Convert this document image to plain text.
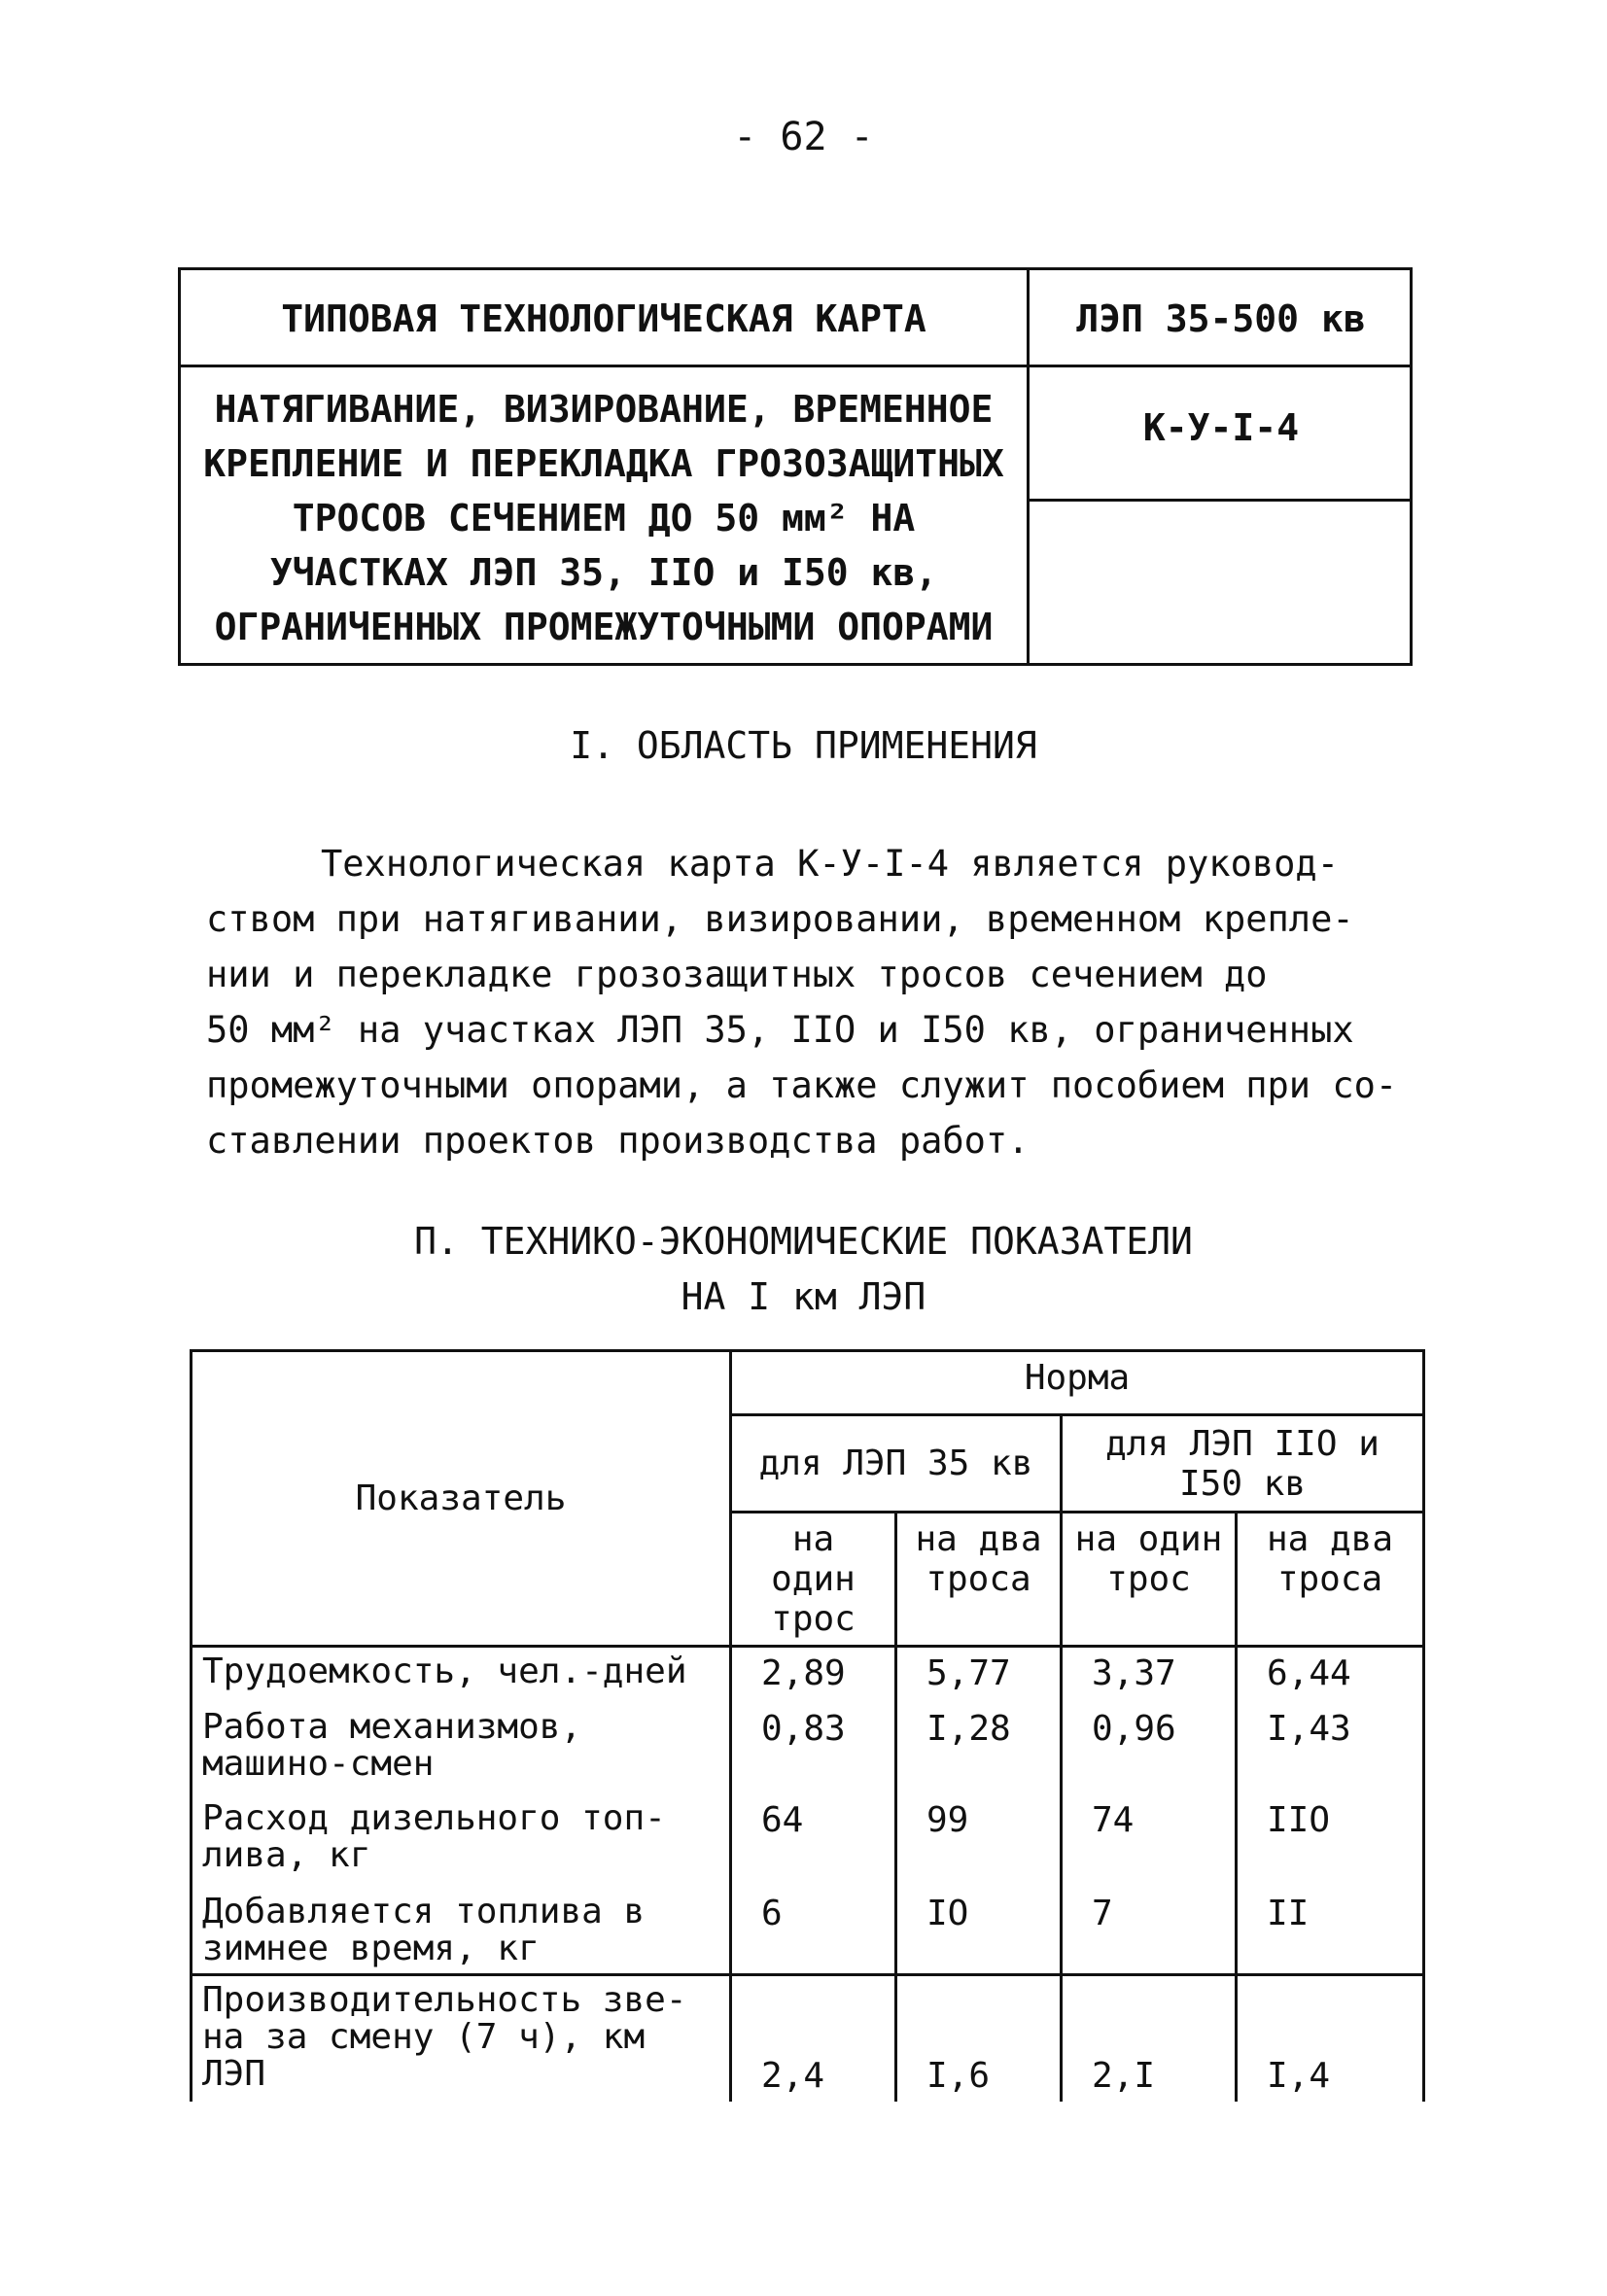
- 62 -
ТИПОВАЯ ТЕХНОЛОГИЧЕСКАЯ КАРТА	ЛЭП 35-500 кв
НАТЯГИВАНИЕ, ВИЗИРОВАНИЕ, ВРЕМЕННОЕ
КРЕПЛЕНИЕ И ПЕРЕКЛАДКА ГРОЗОЗАЩИТНЫХ
ТРОСОВ СЕЧЕНИЕМ ДО 50 мм² НА
УЧАСТКАХ ЛЭП 35, IIO и I50 кв,
ОГРАНИЧЕННЫХ ПРОМЕЖУТОЧНЫМИ ОПОРАМИ
К-У-I-4
I. ОБЛАСТЬ ПРИМЕНЕНИЯ
Технологическая карта К-У-I-4 является руковод-
ством при натягивании, визировании, временном крепле-
нии и перекладке грозозащитных тросов сечением до
50 мм² на участках ЛЭП 35, IIO и I50 кв, ограниченных
промежуточными опорами, а также служит пособием при со-
ставлении проектов производства работ.
П. ТЕХНИКО-ЭКОНОМИЧЕСКИЕ ПОКАЗАТЕЛИ
НА I км ЛЭП
Показатель	Норма			
	для ЛЭП 35 кв		для ЛЭП IIO и I50 кв	
	на один трос	на два троса	на один трос	на два троса
Трудоемкость, чел.-дней	2,89	5,77	3,37	6,44
Работа механизмов, машино-смен	0,83	I,28	0,96	I,43
Расход дизельного топ- лива, кг	64	99	74	IIO
Добавляется топлива в зимнее время, кг	6	IO	7	II
Производительность зве- на за смену (7 ч), км ЛЭП	2,4	I,6	2,I	I,4
